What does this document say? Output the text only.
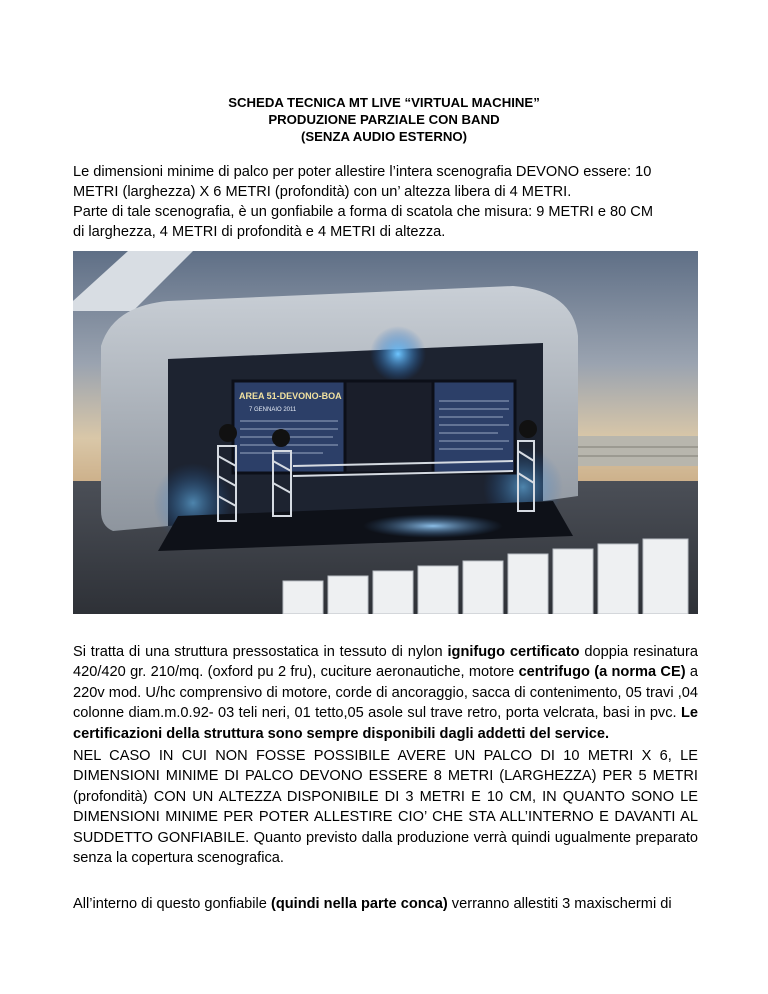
SCHEDA TECNICA MT LIVE “VIRTUAL MACHINE”
PRODUZIONE PARZIALE CON BAND
(SENZA AUDIO ESTERNO)
Le dimensioni minime di palco per poter allestire l’intera scenografia DEVONO essere: 10
METRI (larghezza) X 6 METRI (profondità) con un’ altezza libera di 4 METRI.
Parte di tale scenografia, è un gonfiabile a forma di scatola che misura: 9 METRI e 80 CM
di larghezza, 4 METRI di profondità e 4 METRI di altezza.
AREA 51-DEVONO-BOA
7 GENNAIO 2011
Si tratta di una struttura pressostatica in tessuto di nylon ignifugo certificato doppia resinatura 420/420 gr. 210/mq. (oxford pu 2 fru), cuciture aeronautiche, motore centrifugo (a norma CE) a 220v mod. U/hc comprensivo di motore, corde di ancoraggio, sacca di contenimento, 05 travi ,04 colonne diam.m.0.92- 03 teli neri, 01 tetto,05 asole sul trave retro, porta velcrata, basi in pvc. Le certificazioni della struttura sono sempre disponibili dagli addetti del service.
NEL CASO IN CUI NON FOSSE POSSIBILE AVERE UN PALCO DI 10 METRI X 6, LE DIMENSIONI MINIME DI PALCO DEVONO ESSERE 8 METRI (LARGHEZZA) PER 5 METRI (profondità) CON UN ALTEZZA DISPONIBILE DI 3 METRI E 10 CM, IN QUANTO SONO LE DIMENSIONI MINIME PER POTER ALLESTIRE CIO’ CHE STA ALL’INTERNO E DAVANTI AL SUDDETTO GONFIABILE. Quanto previsto dalla produzione verrà quindi ugualmente preparato senza la copertura scenografica.
All’interno di questo gonfiabile (quindi nella parte conca) verranno allestiti 3 maxischermi di
